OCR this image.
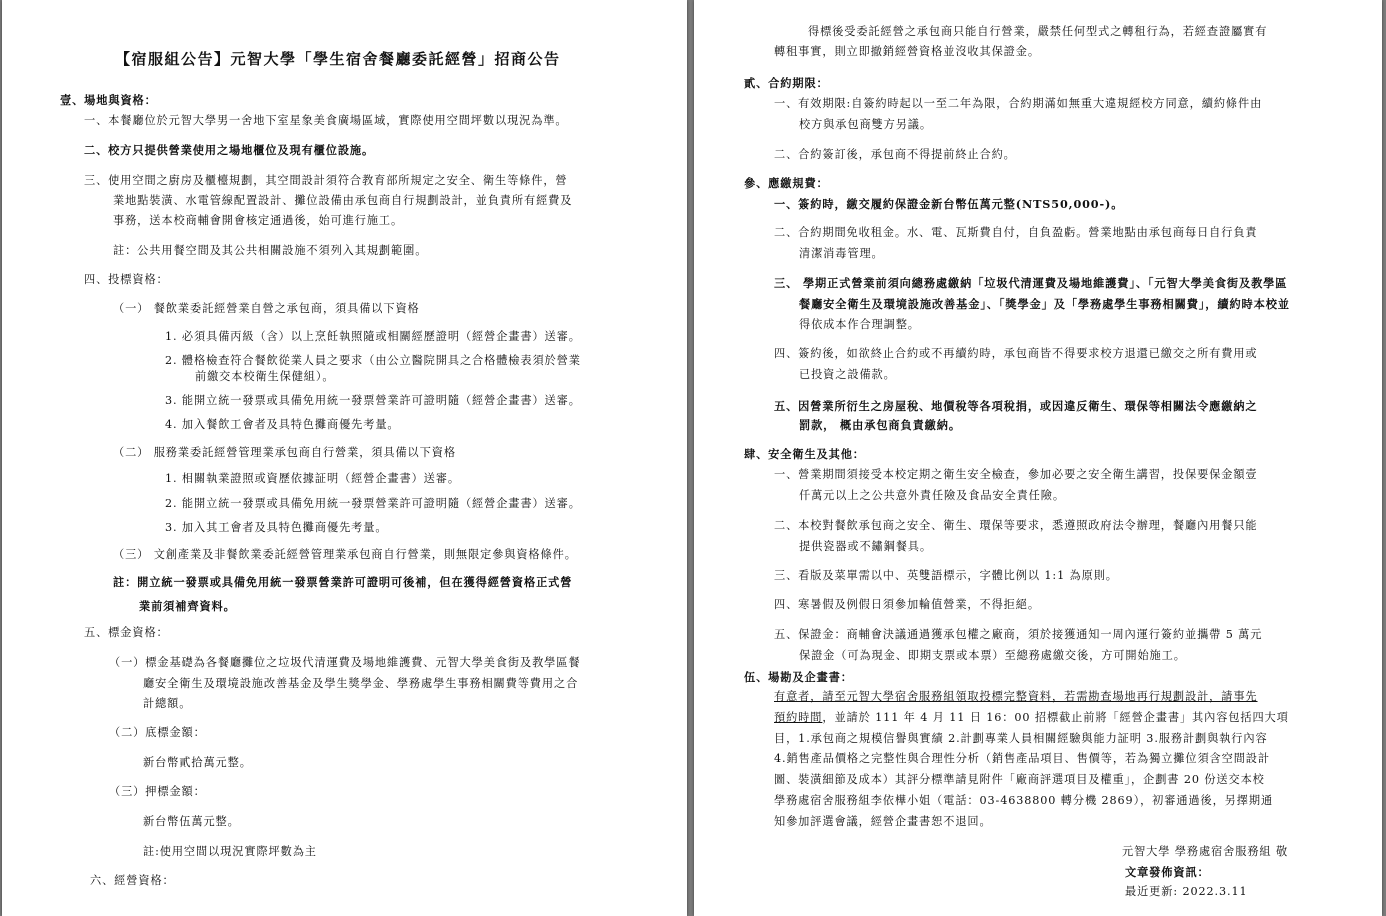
【宿服組公告】元智大學「學生宿舍餐廳委託經營」招商公告
壹、場地與資格：
一、本餐廳位於元智大學男一舍地下室星象美食廣場區域，實際使用空間坪數以現況為準。
二、校方只提供營業使用之場地櫃位及現有櫃位設施。
三、使用空間之廚房及櫃檯規劃，其空間設計須符合教育部所規定之安全、衛生等條件，營
業地點裝潢、水電管線配置設計、攤位設備由承包商自行規劃設計，並負責所有經費及
事務，送本校商輔會開會核定通過後，始可進行施工。
註：公共用餐空間及其公共相關設施不須列入其規劃範圍。
四、投標資格：
（一） 餐飲業委託經營業自營之承包商，須具備以下資格
1. 必須具備丙級（含）以上烹飪執照隨或相關經歷證明（經營企畫書）送審。
2. 體格檢查符合餐飲從業人員之要求（由公立醫院開具之合格體檢表須於營業
前繳交本校衛生保健組）。
3. 能開立統一發票或具備免用統一發票營業許可證明隨（經營企畫書）送審。
4. 加入餐飲工會者及具特色攤商優先考量。
（二） 服務業委託經營管理業承包商自行營業，須具備以下資格
1. 相關執業證照或資歷依據証明（經營企畫書）送審。
2. 能開立統一發票或具備免用統一發票營業許可證明隨（經營企畫書）送審。
3. 加入其工會者及具特色攤商優先考量。
（三） 文創產業及非餐飲業委託經營管理業承包商自行營業，則無限定參與資格條件。
註：開立統一發票或具備免用統一發票營業許可證明可後補，但在獲得經營資格正式營
業前須補齊資料。
五、標金資格：
（一）標金基礎為各餐廳攤位之垃圾代清運費及場地維護費、元智大學美食街及教學區餐
廳安全衛生及環境設施改善基金及學生獎學金、學務處學生事務相關費等費用之合
計總額。
（二）底標金額：
新台幣貳拾萬元整。
（三）押標金額：
新台幣伍萬元整。
註:使用空間以現況實際坪數為主
六、經營資格：
得標後受委託經營之承包商只能自行營業，嚴禁任何型式之轉租行為，若經查證屬實有
轉租事實，則立即撤銷經營資格並沒收其保證金。
貳、合約期限：
一、有效期限:自簽約時起以一至二年為限，合約期滿如無重大違規經校方同意，續約條件由
校方與承包商雙方另議。
二、合約簽訂後，承包商不得提前終止合約。
參、應繳規費：
一、簽約時，繳交履約保證金新台幣伍萬元整(NTS50,000-)。
二、合約期間免收租金。水、電、瓦斯費自付，自負盈虧。營業地點由承包商每日自行負責
清潔消毒管理。
三、 學期正式營業前須向總務處繳納「垃圾代清運費及場地維護費」、「元智大學美食街及教學區
餐廳安全衛生及環境設施改善基金」、「獎學金」及「學務處學生事務相關費」，續約時本校並
得依成本作合理調整。
四、簽約後，如欲終止合約或不再續約時，承包商皆不得要求校方退還已繳交之所有費用或
已投資之設備款。
五、因營業所衍生之房屋稅、地價稅等各項稅捐，或因違反衛生、環保等相關法令應繳納之
罰款， 概由承包商負責繳納。
肆、安全衛生及其他：
一、營業期間須接受本校定期之衛生安全檢查，參加必要之安全衛生講習，投保要保金額壹
仟萬元以上之公共意外責任險及食品安全責任險。
二、本校對餐飲承包商之安全、衛生、環保等要求，悉遵照政府法令辦理，餐廳內用餐只能
提供瓷器或不鏽鋼餐具。
三、看版及菜單需以中、英雙語標示，字體比例以 1:1 為原則。
四、寒暑假及例假日須參加輪值營業，不得拒絕。
五、保證金：商輔會決議通過獲承包權之廠商，須於接獲通知一周內運行簽約並攜帶 5 萬元
保證金（可為現金、即期支票或本票）至總務處繳交後，方可開始施工。
伍、場勘及企畫書：
有意者，請至元智大學宿舍服務組領取投標完整資料，若需勘查場地再行規劃設計，請事先
預約時間，並請於 111 年 4 月 11 日 16：00 招標截止前將「經營企畫書」其內容包括四大項
目，1.承包商之規模信譽與實績 2.計劃專業人員相關經驗與能力証明 3.服務計劃與執行內容
4.銷售產品價格之完整性與合理性分析（銷售產品項目、售價等，若為獨立攤位須含空間設計
圖、裝潢細節及成本）其評分標準請見附件「廠商評選項目及權重」，企劃書 20 份送交本校
學務處宿舍服務組李依樺小姐（電話：03-4638800 轉分機 2869），初審通過後，另擇期通
知參加評選會議，經營企畫書恕不退回。
元智大學 學務處宿舍服務組 敬
文章發佈資訊：
最近更新: 2022.3.11
